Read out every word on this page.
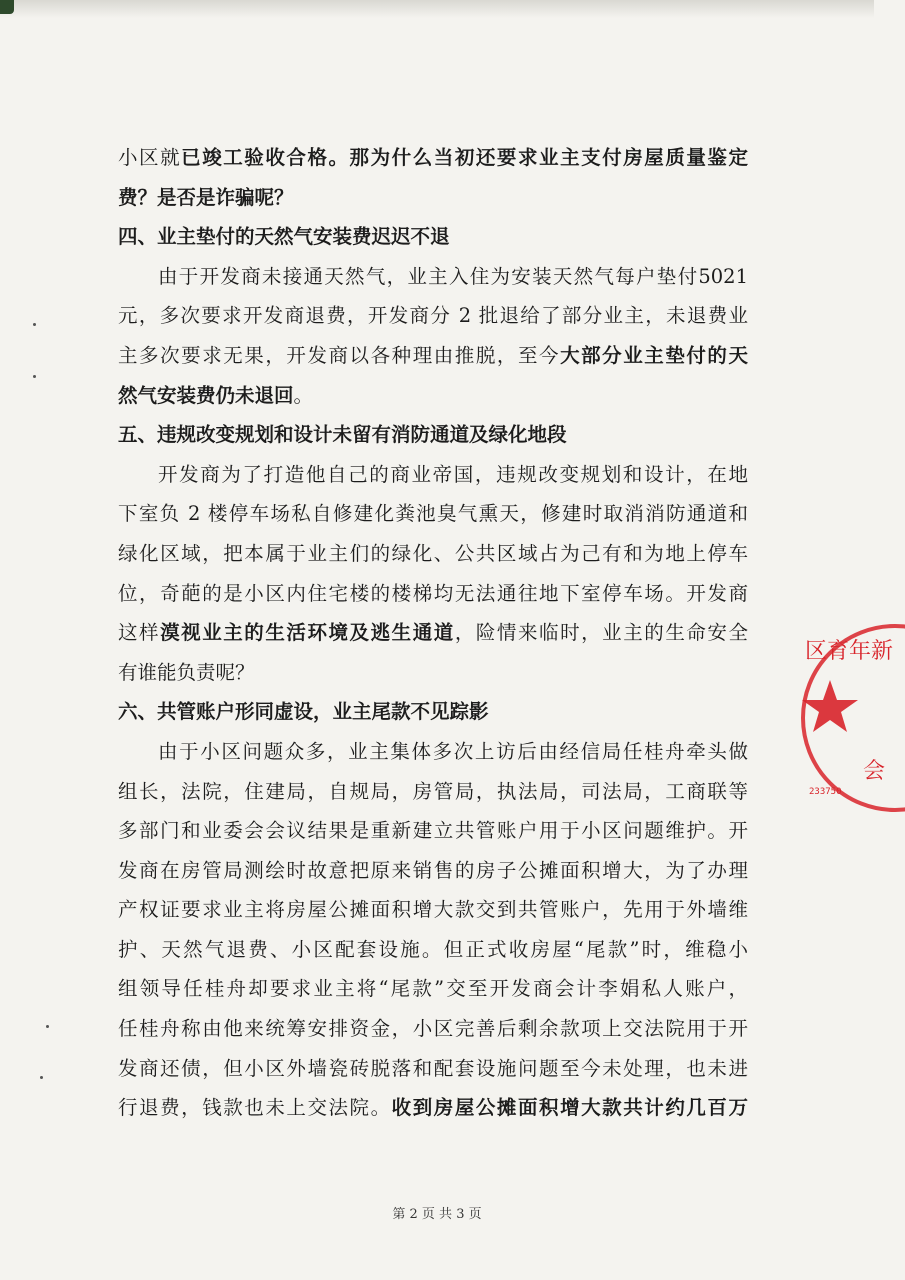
小区就已竣工验收合格。那为什么当初还要求业主支付房屋质量鉴定
费？是否是诈骗呢？
四、业主垫付的天然气安装费迟迟不退
由于开发商未接通天然气，业主入住为安装天然气每户垫付5021
元，多次要求开发商退费，开发商分 2 批退给了部分业主，未退费业
主多次要求无果，开发商以各种理由推脱，至今大部分业主垫付的天
然气安装费仍未退回。
五、违规改变规划和设计未留有消防通道及绿化地段
开发商为了打造他自己的商业帝国，违规改变规划和设计，在地
下室负 2 楼停车场私自修建化粪池臭气熏天，修建时取消消防通道和
绿化区域，把本属于业主们的绿化、公共区域占为己有和为地上停车
位，奇葩的是小区内住宅楼的楼梯均无法通往地下室停车场。开发商
这样漠视业主的生活环境及逃生通道，险情来临时，业主的生命安全
有谁能负责呢？
六、共管账户形同虚设，业主尾款不见踪影
由于小区问题众多，业主集体多次上访后由经信局任桂舟牵头做
组长，法院，住建局，自规局，房管局，执法局，司法局，工商联等
多部门和业委会会议结果是重新建立共管账户用于小区问题维护。开
发商在房管局测绘时故意把原来销售的房子公摊面积增大，为了办理
产权证要求业主将房屋公摊面积增大款交到共管账户，先用于外墙维
护、天然气退费、小区配套设施。但正式收房屋“尾款”时，维稳小
组领导任桂舟却要求业主将“尾款”交至开发商会计李娟私人账户，
任桂舟称由他来统筹安排资金，小区完善后剩余款项上交法院用于开
发商还债，但小区外墙瓷砖脱落和配套设施问题至今未处理，也未进
行退费，钱款也未上交法院。收到房屋公摊面积增大款共计约几百万
第 2 页 共 3 页
区育年新
会
233750
